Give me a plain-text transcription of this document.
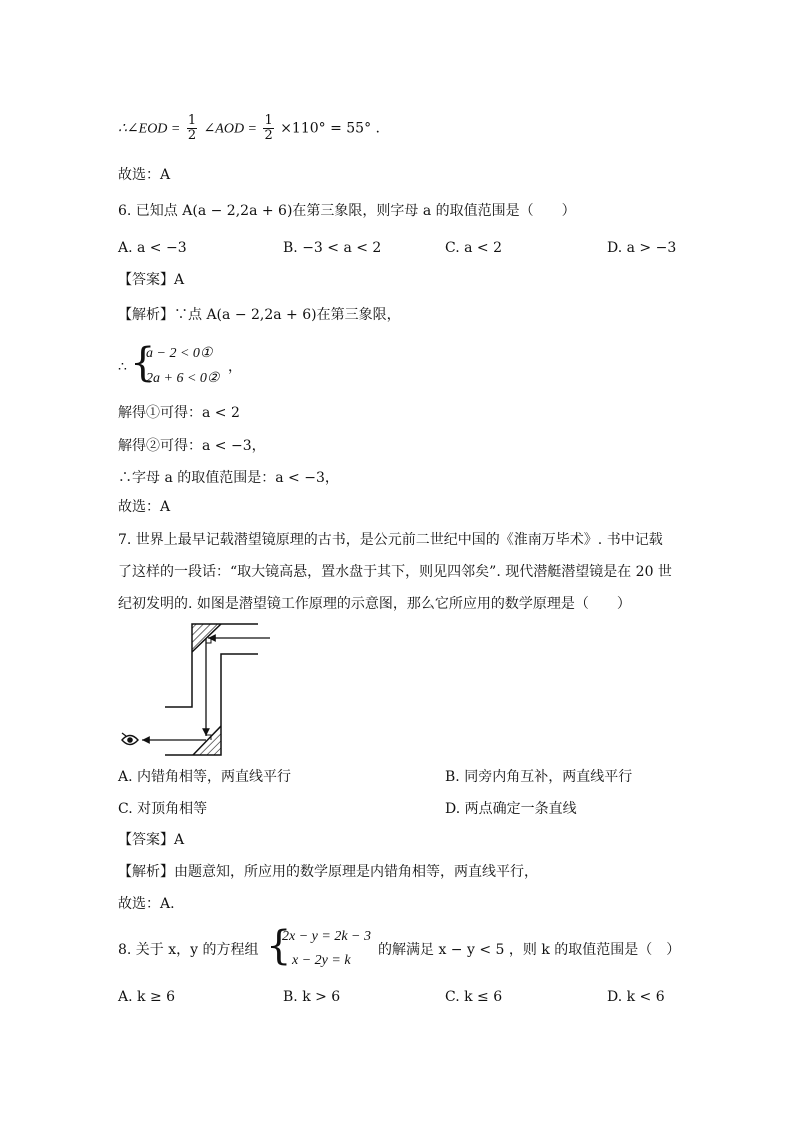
∴∠EOD = $\frac{1}{2}$ ∠AOD = $\frac{1}{2} \times 110^\circ = 55^\circ$ .
故选：A
6. 已知点 A(a − 2,2a + 6)在第三象限，则字母 a 的取值范围是（　　）
A. a < −3	B. −3 < a < 2	C. a < 2	D. a > −3
【答案】A
【解析】∵点 A(a − 2,2a + 6)在第三象限，
∴ {
a − 2 < 0①
2a + 6 < 0②
，
解得①可得：a < 2
解得②可得：a < −3，
∴字母 a 的取值范围是：a < −3，
故选：A
7. 世界上最早记载潜望镜原理的古书，是公元前二世纪中国的《淮南万毕术》. 书中记载
了这样的一段话：“取大镜高悬，置水盘于其下，则见四邻矣”. 现代潜艇潜望镜是在 20 世
纪初发明的. 如图是潜望镜工作原理的示意图，那么它所应用的数学原理是（　　）
A. 内错角相等，两直线平行	B. 同旁内角互补，两直线平行
C. 对顶角相等	D. 两点确定一条直线
【答案】A
【解析】由题意知，所应用的数学原理是内错角相等，两直线平行，
故选：A.
8. 关于 x，y 的方程组 {
2x − y = 2k − 3
x − 2y = k
的解满足 x − y < 5 ，则 k 的取值范围是（　）
A. k ≥ 6	B. k > 6	C. k ≤ 6	D. k < 6
